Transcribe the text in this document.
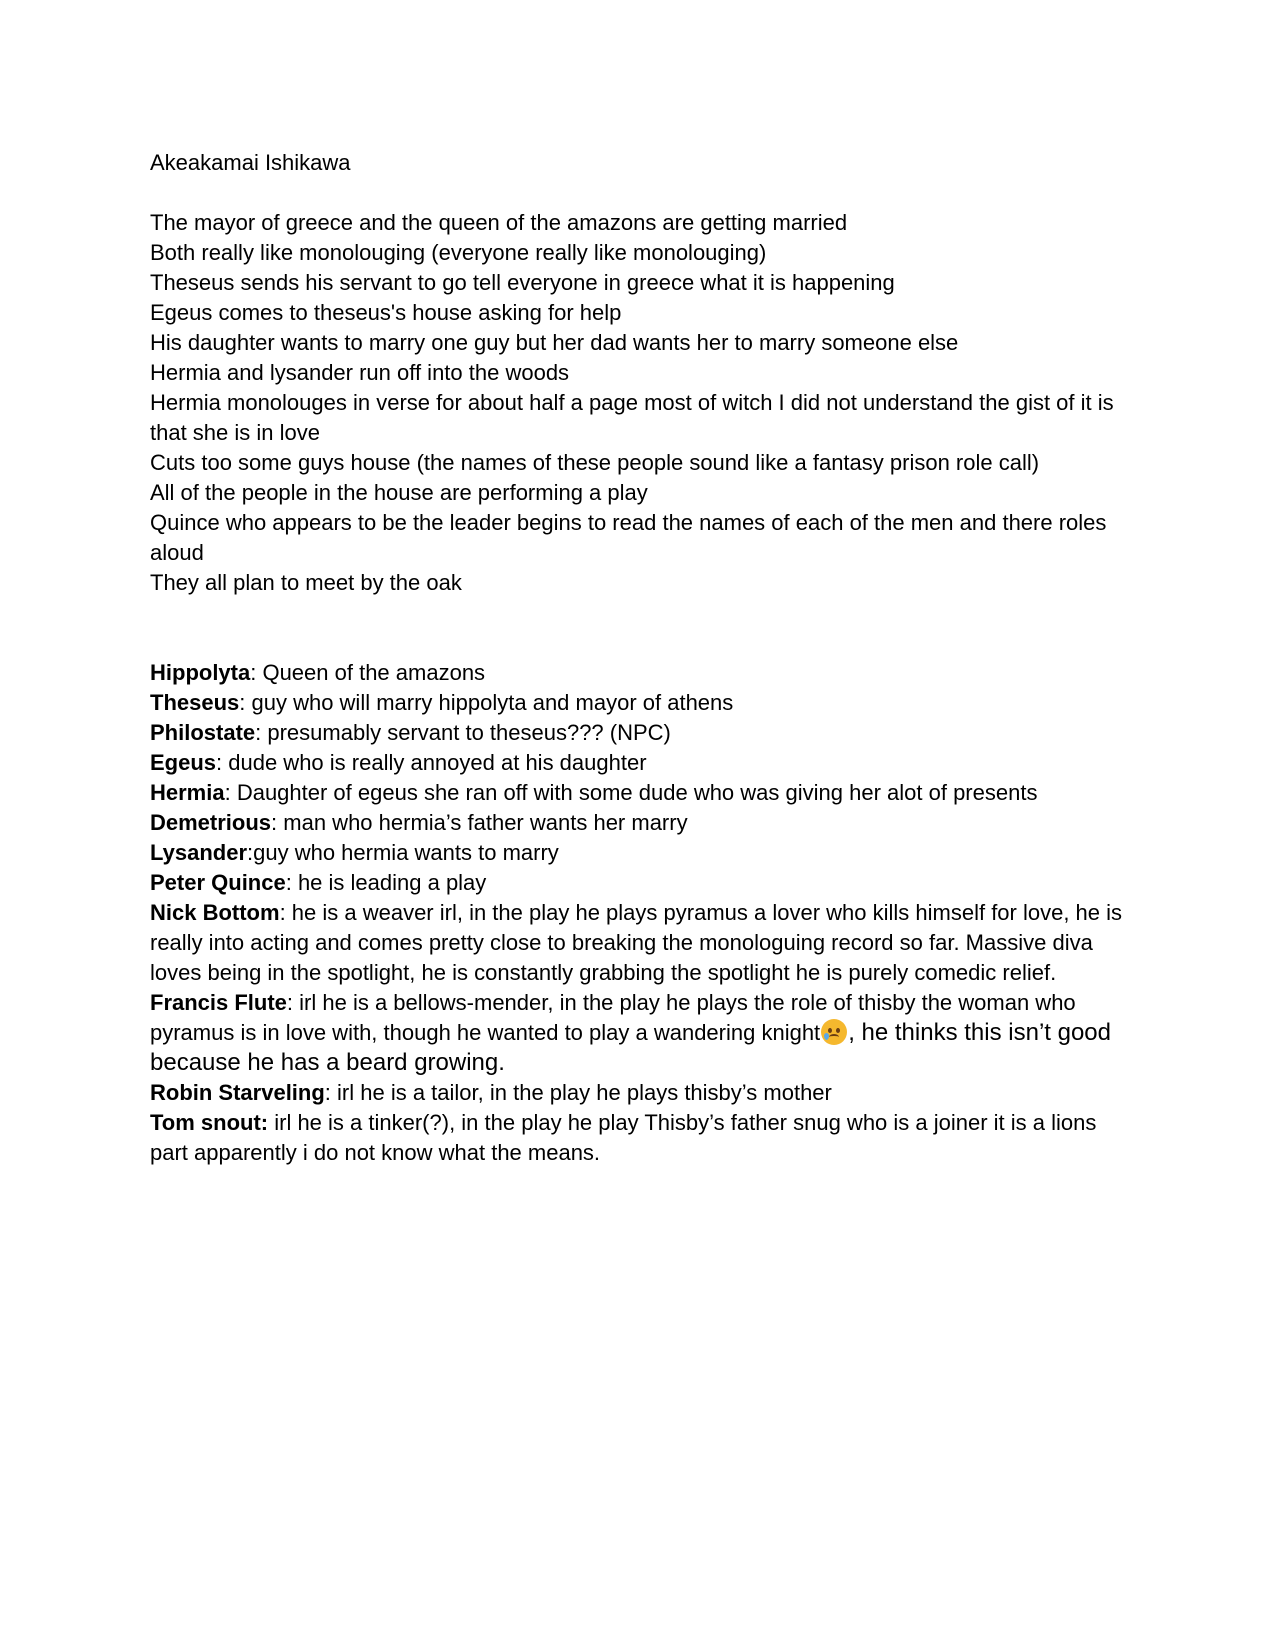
Akeakamai Ishikawa

The mayor of greece and the queen of the amazons are getting married

Both really like monolouging (everyone really like monolouging)

Theseus sends his servant to go tell everyone in greece what it is happening

Egeus comes to theseus's house asking for help

His daughter wants to marry one guy but her dad wants her to marry someone else

Hermia and lysander run off into the woods

Hermia monolouges in verse for about half a page most of witch I did not understand the gist of it is that she is in love

Cuts too some guys house (the names of these people sound like a fantasy prison role call)

All of the people in the house are performing a play

Quince who appears to be the leader begins to read the names of each of the men and there roles aloud

They all plan to meet by the oak

Hippolyta: Queen of the amazons

Theseus: guy who will marry hippolyta and mayor of athens

Philostate: presumably servant to theseus??? (NPC)

Egeus: dude who is really annoyed at his daughter

Hermia: Daughter of egeus she ran off with some dude who was giving her alot of presents

Demetrious: man who hermia’s father wants her marry

Lysander:guy who hermia wants to marry

Peter Quince: he is leading a play

Nick Bottom: he is a weaver irl, in the play he plays pyramus a lover who kills himself for love, he is really into acting and comes pretty close to breaking the monologuing record so far. Massive diva loves being in the spotlight, he is constantly grabbing the spotlight he is purely comedic relief.

Francis Flute: irl he is a bellows-mender, in the play he plays the role of thisby the woman who pyramus is in love with, though he wanted to play a wandering knight , he thinks this isn’t good because he has a beard growing.

Robin Starveling: irl he is a tailor, in the play he plays thisby’s mother

Tom snout: irl he is a tinker(?), in the play he play Thisby’s father snug who is a joiner it is a lions part apparently i do not know what the means.
